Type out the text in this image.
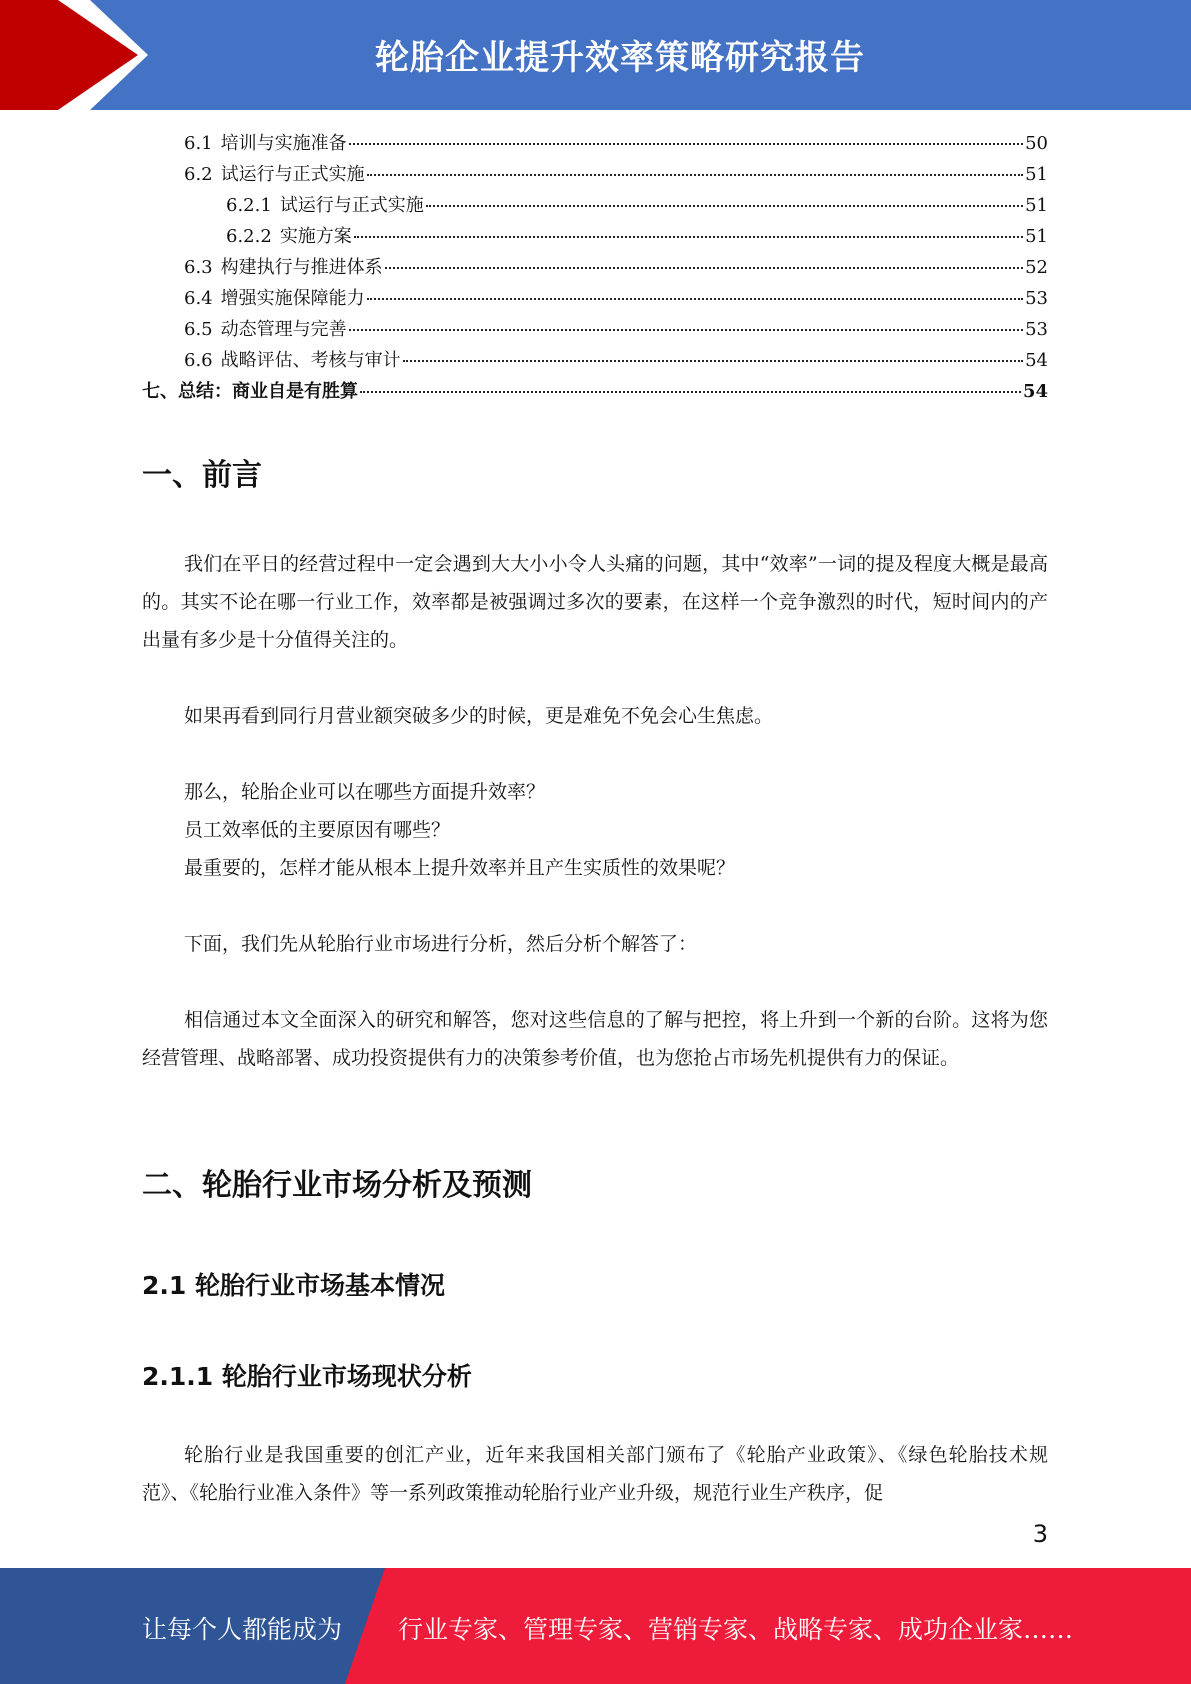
轮胎企业提升效率策略研究报告
6.1 培训与实施准备	50
6.2 试运行与正式实施	51
6.2.1 试运行与正式实施	51
6.2.2 实施方案	51
6.3 构建执行与推进体系	52
6.4 增强实施保障能力	53
6.5 动态管理与完善	53
6.6 战略评估、考核与审计	54
七、总结：商业自是有胜算	54
一、前言
我们在平日的经营过程中一定会遇到大大小小令人头痛的问题，其中“效率”一词的提及程度大概是最高的。其实不论在哪一行业工作，效率都是被强调过多次的要素，在这样一个竞争激烈的时代，短时间内的产出量有多少是十分值得关注的。
如果再看到同行月营业额突破多少的时候，更是难免不免会心生焦虑。
那么，轮胎企业可以在哪些方面提升效率？
员工效率低的主要原因有哪些？
最重要的，怎样才能从根本上提升效率并且产生实质性的效果呢？
下面，我们先从轮胎行业市场进行分析，然后分析个解答了：
相信通过本文全面深入的研究和解答，您对这些信息的了解与把控，将上升到一个新的台阶。这将为您经营管理、战略部署、成功投资提供有力的决策参考价值，也为您抢占市场先机提供有力的保证。
二、轮胎行业市场分析及预测
2.1 轮胎行业市场基本情况
2.1.1 轮胎行业市场现状分析
轮胎行业是我国重要的创汇产业，近年来我国相关部门颁布了《轮胎产业政策》、《绿色轮胎技术规范》、《轮胎行业准入条件》等一系列政策推动轮胎行业产业升级，规范行业生产秩序，促
3
让每个人都能成为 行业专家、管理专家、营销专家、战略专家、成功企业家……
